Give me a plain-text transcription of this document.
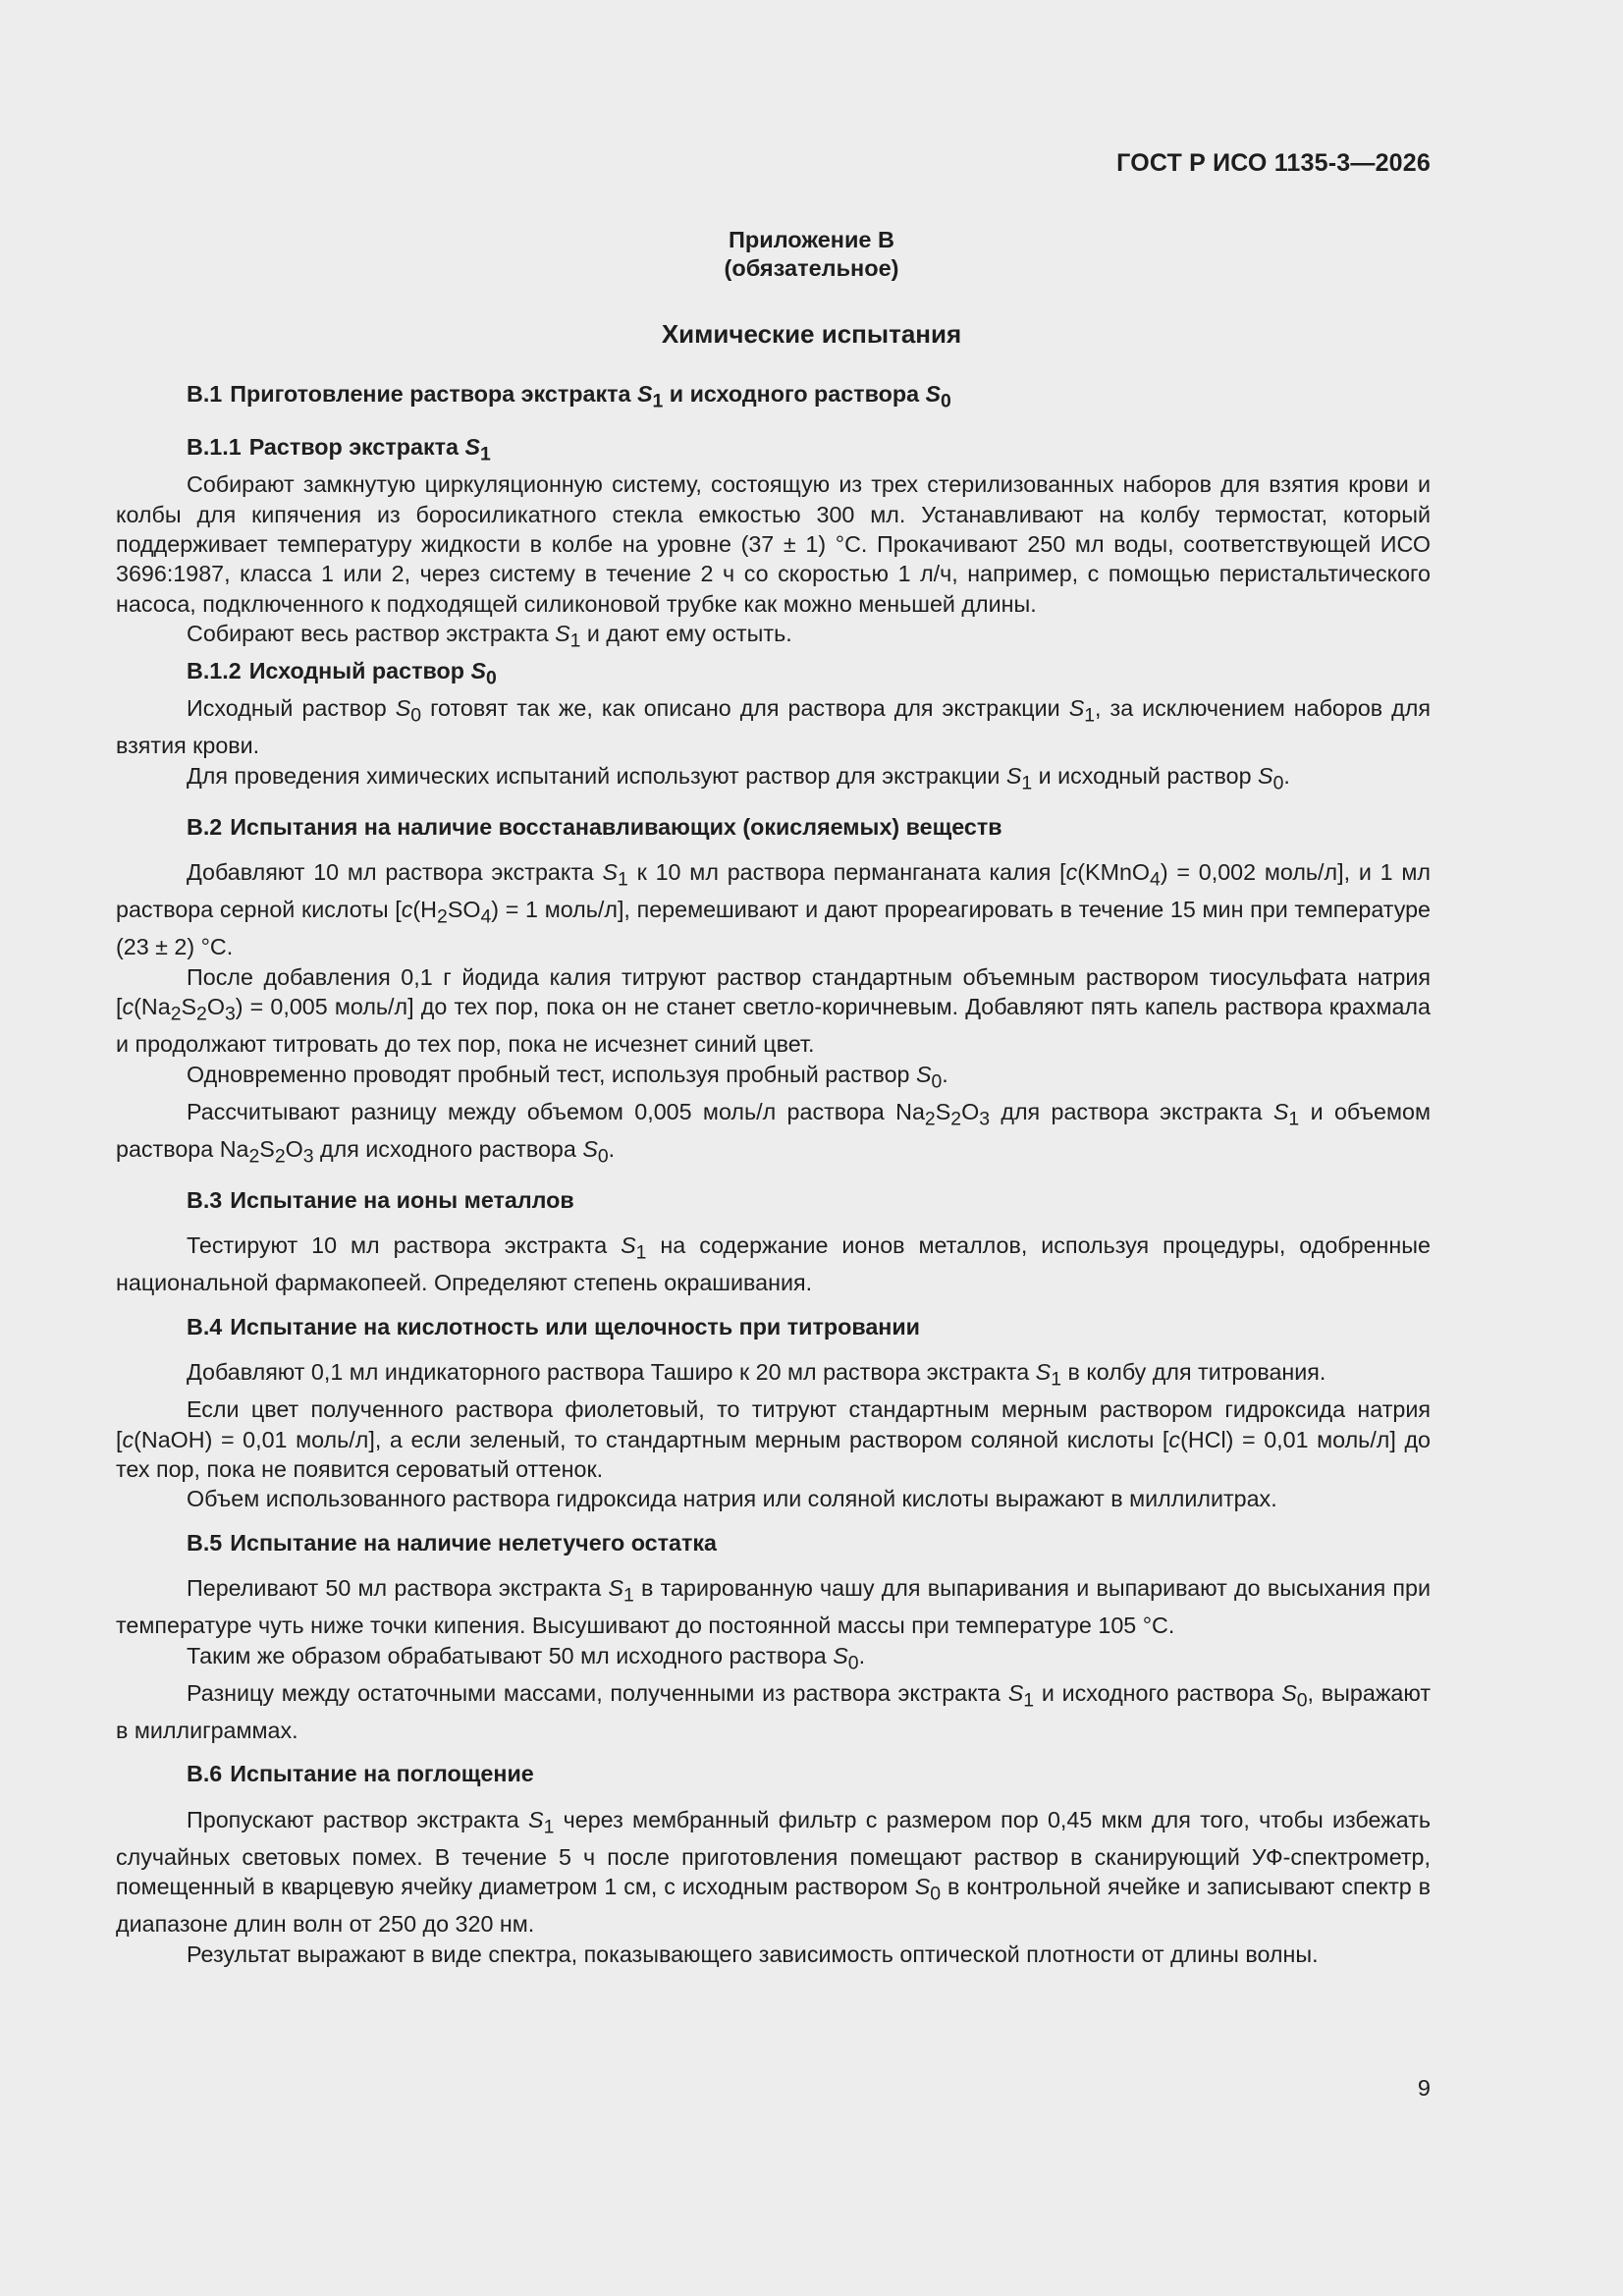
ГОСТ Р ИСО 1135-3—2026
Приложение В
(обязательное)
Химические испытания
В.1 Приготовление раствора экстракта $S_1$ и исходного раствора $S_0$
В.1.1 Раствор экстракта $S_1$
Собирают замкнутую циркуляционную систему, состоящую из трех стерилизованных наборов для взятия крови и колбы для кипячения из боросиликатного стекла емкостью 300 мл. Устанавливают на колбу термостат, который поддерживает температуру жидкости в колбе на уровне (37 ± 1) °С. Прокачивают 250 мл воды, соответствующей ИСО 3696:1987, класса 1 или 2, через систему в течение 2 ч со скоростью 1 л/ч, например, с помощью перистальтического насоса, подключенного к подходящей силиконовой трубке как можно меньшей длины.
Собирают весь раствор экстракта $S_1$ и дают ему остыть.
В.1.2 Исходный раствор $S_0$
Исходный раствор $S_0$ готовят так же, как описано для раствора для экстракции $S_1$, за исключением наборов для взятия крови.
Для проведения химических испытаний используют раствор для экстракции $S_1$ и исходный раствор $S_0$.
В.2 Испытания на наличие восстанавливающих (окисляемых) веществ
Добавляют 10 мл раствора экстракта $S_1$ к 10 мл раствора перманганата калия [c(KMnO$_4$) = 0,002 моль/л], и 1 мл раствора серной кислоты [$c(H_2SO_4) = 1$ моль/л], перемешивают и дают прореагировать в течение 15 мин при температуре (23 ± 2) °С.
После добавления 0,1 г йодида калия титруют раствор стандартным объемным раствором тиосульфата натрия [$c(Na_2S_2O_3) = 0,005$ моль/л] до тех пор, пока он не станет светло-коричневым. Добавляют пять капель раствора крахмала и продолжают титровать до тех пор, пока не исчезнет синий цвет.
Одновременно проводят пробный тест, используя пробный раствор $S_0$.
Рассчитывают разницу между объемом 0,005 моль/л раствора $Na_2S_2O_3$ для раствора экстракта $S_1$ и объемом раствора $Na_2S_2O_3$ для исходного раствора $S_0$.
В.3 Испытание на ионы металлов
Тестируют 10 мл раствора экстракта $S_1$ на содержание ионов металлов, используя процедуры, одобренные национальной фармакопеей. Определяют степень окрашивания.
В.4 Испытание на кислотность или щелочность при титровании
Добавляют 0,1 мл индикаторного раствора Таширо к 20 мл раствора экстракта $S_1$ в колбу для титрования.
Если цвет полученного раствора фиолетовый, то титруют стандартным мерным раствором гидроксида натрия [c(NaOH) = 0,01 моль/л], а если зеленый, то стандартным мерным раствором соляной кислоты [c(HCl) = 0,01 моль/л] до тех пор, пока не появится сероватый оттенок.
Объем использованного раствора гидроксида натрия или соляной кислоты выражают в миллилитрах.
В.5 Испытание на наличие нелетучего остатка
Переливают 50 мл раствора экстракта $S_1$ в тарированную чашу для выпаривания и выпаривают до высыхания при температуре чуть ниже точки кипения. Высушивают до постоянной массы при температуре 105 °С.
Таким же образом обрабатывают 50 мл исходного раствора $S_0$.
Разницу между остаточными массами, полученными из раствора экстракта $S_1$ и исходного раствора $S_0$, выражают в миллиграммах.
В.6 Испытание на поглощение
Пропускают раствор экстракта $S_1$ через мембранный фильтр с размером пор 0,45 мкм для того, чтобы избежать случайных световых помех. В течение 5 ч после приготовления помещают раствор в сканирующий УФ-спектрометр, помещенный в кварцевую ячейку диаметром 1 см, с исходным раствором $S_0$ в контрольной ячейке и записывают спектр в диапазоне длин волн от 250 до 320 нм.
Результат выражают в виде спектра, показывающего зависимость оптической плотности от длины волны.
9
